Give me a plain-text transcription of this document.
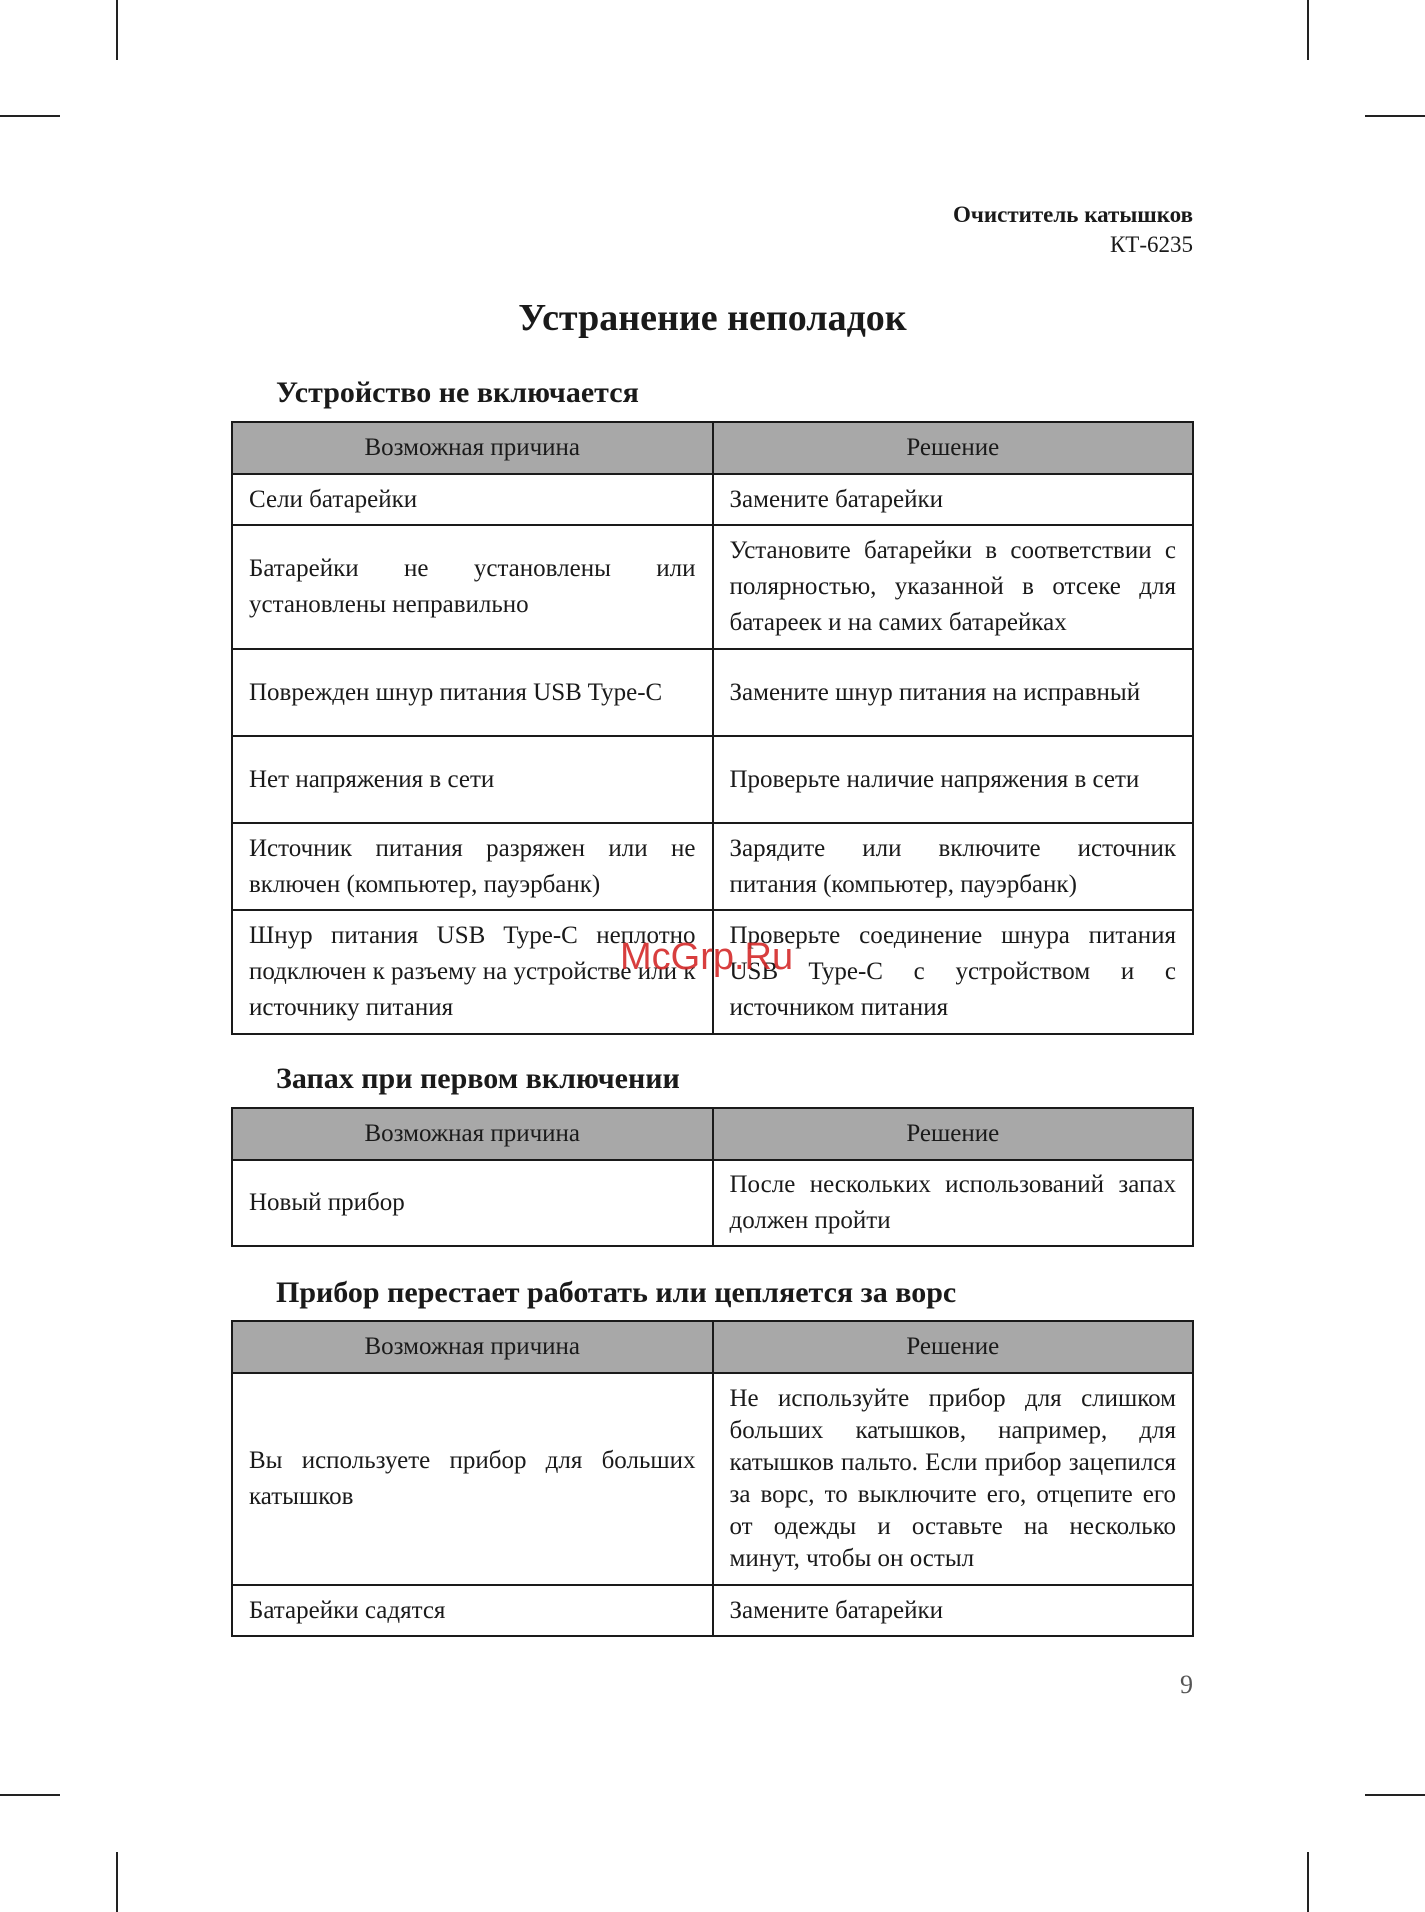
Очиститель катышков
КТ-6235
Устранение неполадок
Устройство не включается
Возможная причина	Решение
Сели батарейки	Замените батарейки
Батарейки не установлены или установлены неправильно	Установите батарейки в соответствии с полярностью, указанной в отсеке для батареек и на самих батарейках
Поврежден шнур питания USB Type-C	Замените шнур питания на исправный
Нет напряжения в сети	Проверьте наличие напряжения в сети
Источник питания разряжен или не включен (компьютер, пауэрбанк)	Зарядите или включите источник питания (компьютер, пауэрбанк)
Шнур питания USB Type-C неплотно подключен к разъему на устройстве или к источнику питания	Проверьте соединение шнура питания USB Type-C с устройством и с источником питания
Запах при первом включении
Возможная причина	Решение
Новый прибор	После нескольких использований запах должен пройти
Прибор перестает работать или цепляется за ворс
Возможная причина	Решение
Вы используете прибор для больших катышков	Не используйте прибор для слишком больших катышков, например, для катышков пальто. Если прибор зацепился за ворс, то выключите его, отцепите его от одежды и оставьте на несколько минут, чтобы он остыл
Батарейки садятся	Замените батарейки
McGrp.Ru
9
